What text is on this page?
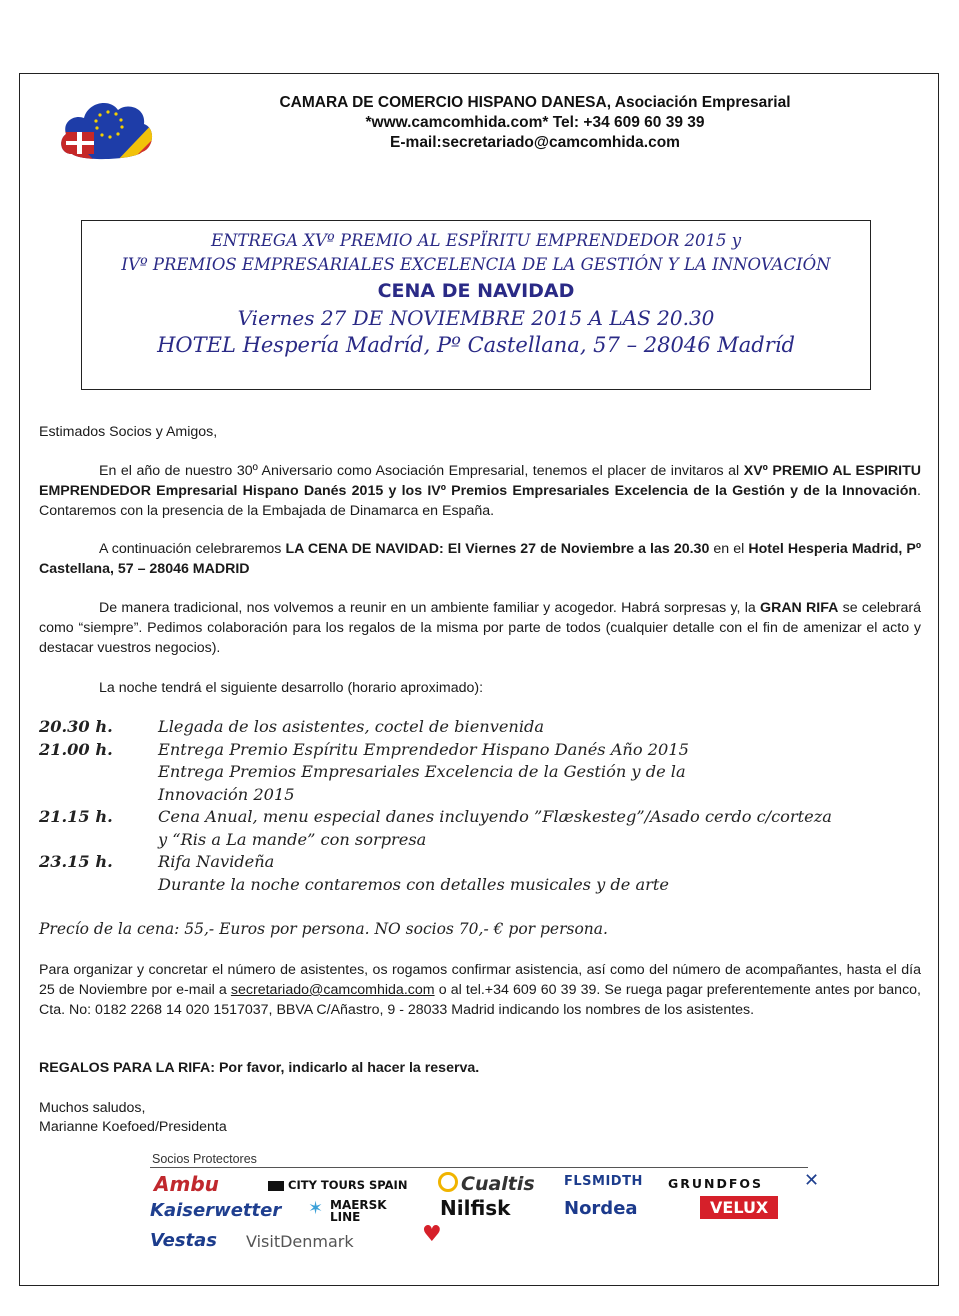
CAMARA DE COMERCIO HISPANO DANESA, Asociación Empresarial
*www.camcomhida.com* Tel: +34 609 60 39 39
E-mail:secretariado@camcomhida.com
ENTREGA XVº PREMIO AL ESPÏRITU EMPRENDEDOR 2015 y
IVº PREMIOS EMPRESARIALES EXCELENCIA DE LA GESTIÓN Y LA INNOVACIÓN
CENA DE NAVIDAD
Viernes 27 DE NOVIEMBRE 2015 A LAS 20.30
HOTEL Hespería Madríd, Pº Castellana, 57 – 28046 Madríd
Estimados Socios y Amigos,
En el año de nuestro 30º Aniversario como Asociación Empresarial, tenemos el placer de invitaros al XVº PREMIO AL ESPIRITU EMPRENDEDOR Empresarial Hispano Danés 2015 y los IVº Premios Empresariales Excelencia de la Gestión y de la Innovación. Contaremos con la presencia de la Embajada de Dinamarca en España.
A continuación celebraremos LA CENA DE NAVIDAD: El Viernes 27 de Noviembre a las 20.30 en el Hotel Hesperia Madrid, Pº Castellana, 57 – 28046 MADRID
De manera tradicional, nos volvemos a reunir en un ambiente familiar y acogedor. Habrá sorpresas y, la GRAN RIFA se celebrará como “siempre”. Pedimos colaboración para los regalos de la misma por parte de todos (cualquier detalle con el fin de amenizar el acto y destacar vuestros negocios).
La noche tendrá el siguiente desarrollo (horario aproximado):
20.30 h.	Llegada de los asistentes, coctel de bienvenida
21.00 h.	Entrega Premio Espíritu Emprendedor Hispano Danés Año 2015
Entrega Premios Empresariales Excelencia de la Gestión y de la
Innovación 2015
21.15 h.	Cena Anual, menu especial danes incluyendo ”Flæskesteg”/Asado cerdo c/corteza
y “Ris a La mande” con sorpresa
23.15 h.	Rifa Navideña
Durante la noche contaremos con detalles musicales y de arte
Precío de la cena: 55,- Euros por persona. NO socios 70,- € por persona.
Para organizar y concretar el número de asistentes, os rogamos confirmar asistencia, así como del número de acompañantes, hasta el día 25 de Noviembre por e-mail a secretariado@camcomhida.com o al tel.+34 609 60 39 39. Se ruega pagar preferentemente antes por banco, Cta. No: 0182 2268 14 020 1517037, BBVA C/Añastro, 9 - 28033 Madrid indicando los nombres de los asistentes.
REGALOS PARA LA RIFA: Por favor, indicarlo al hacer la reserva.
Muchos saludos,
Marianne Koefoed/Presidenta
Socios Protectores
Ambu	CITY TOURS SPAIN	Cualtis FLSMIDTH GRUNDFOS ✕
Kaiserwetter ✶ MAERSK LINE	Nilfisk	Nordea	VELUX
Vestas VisitDenmark	♥
